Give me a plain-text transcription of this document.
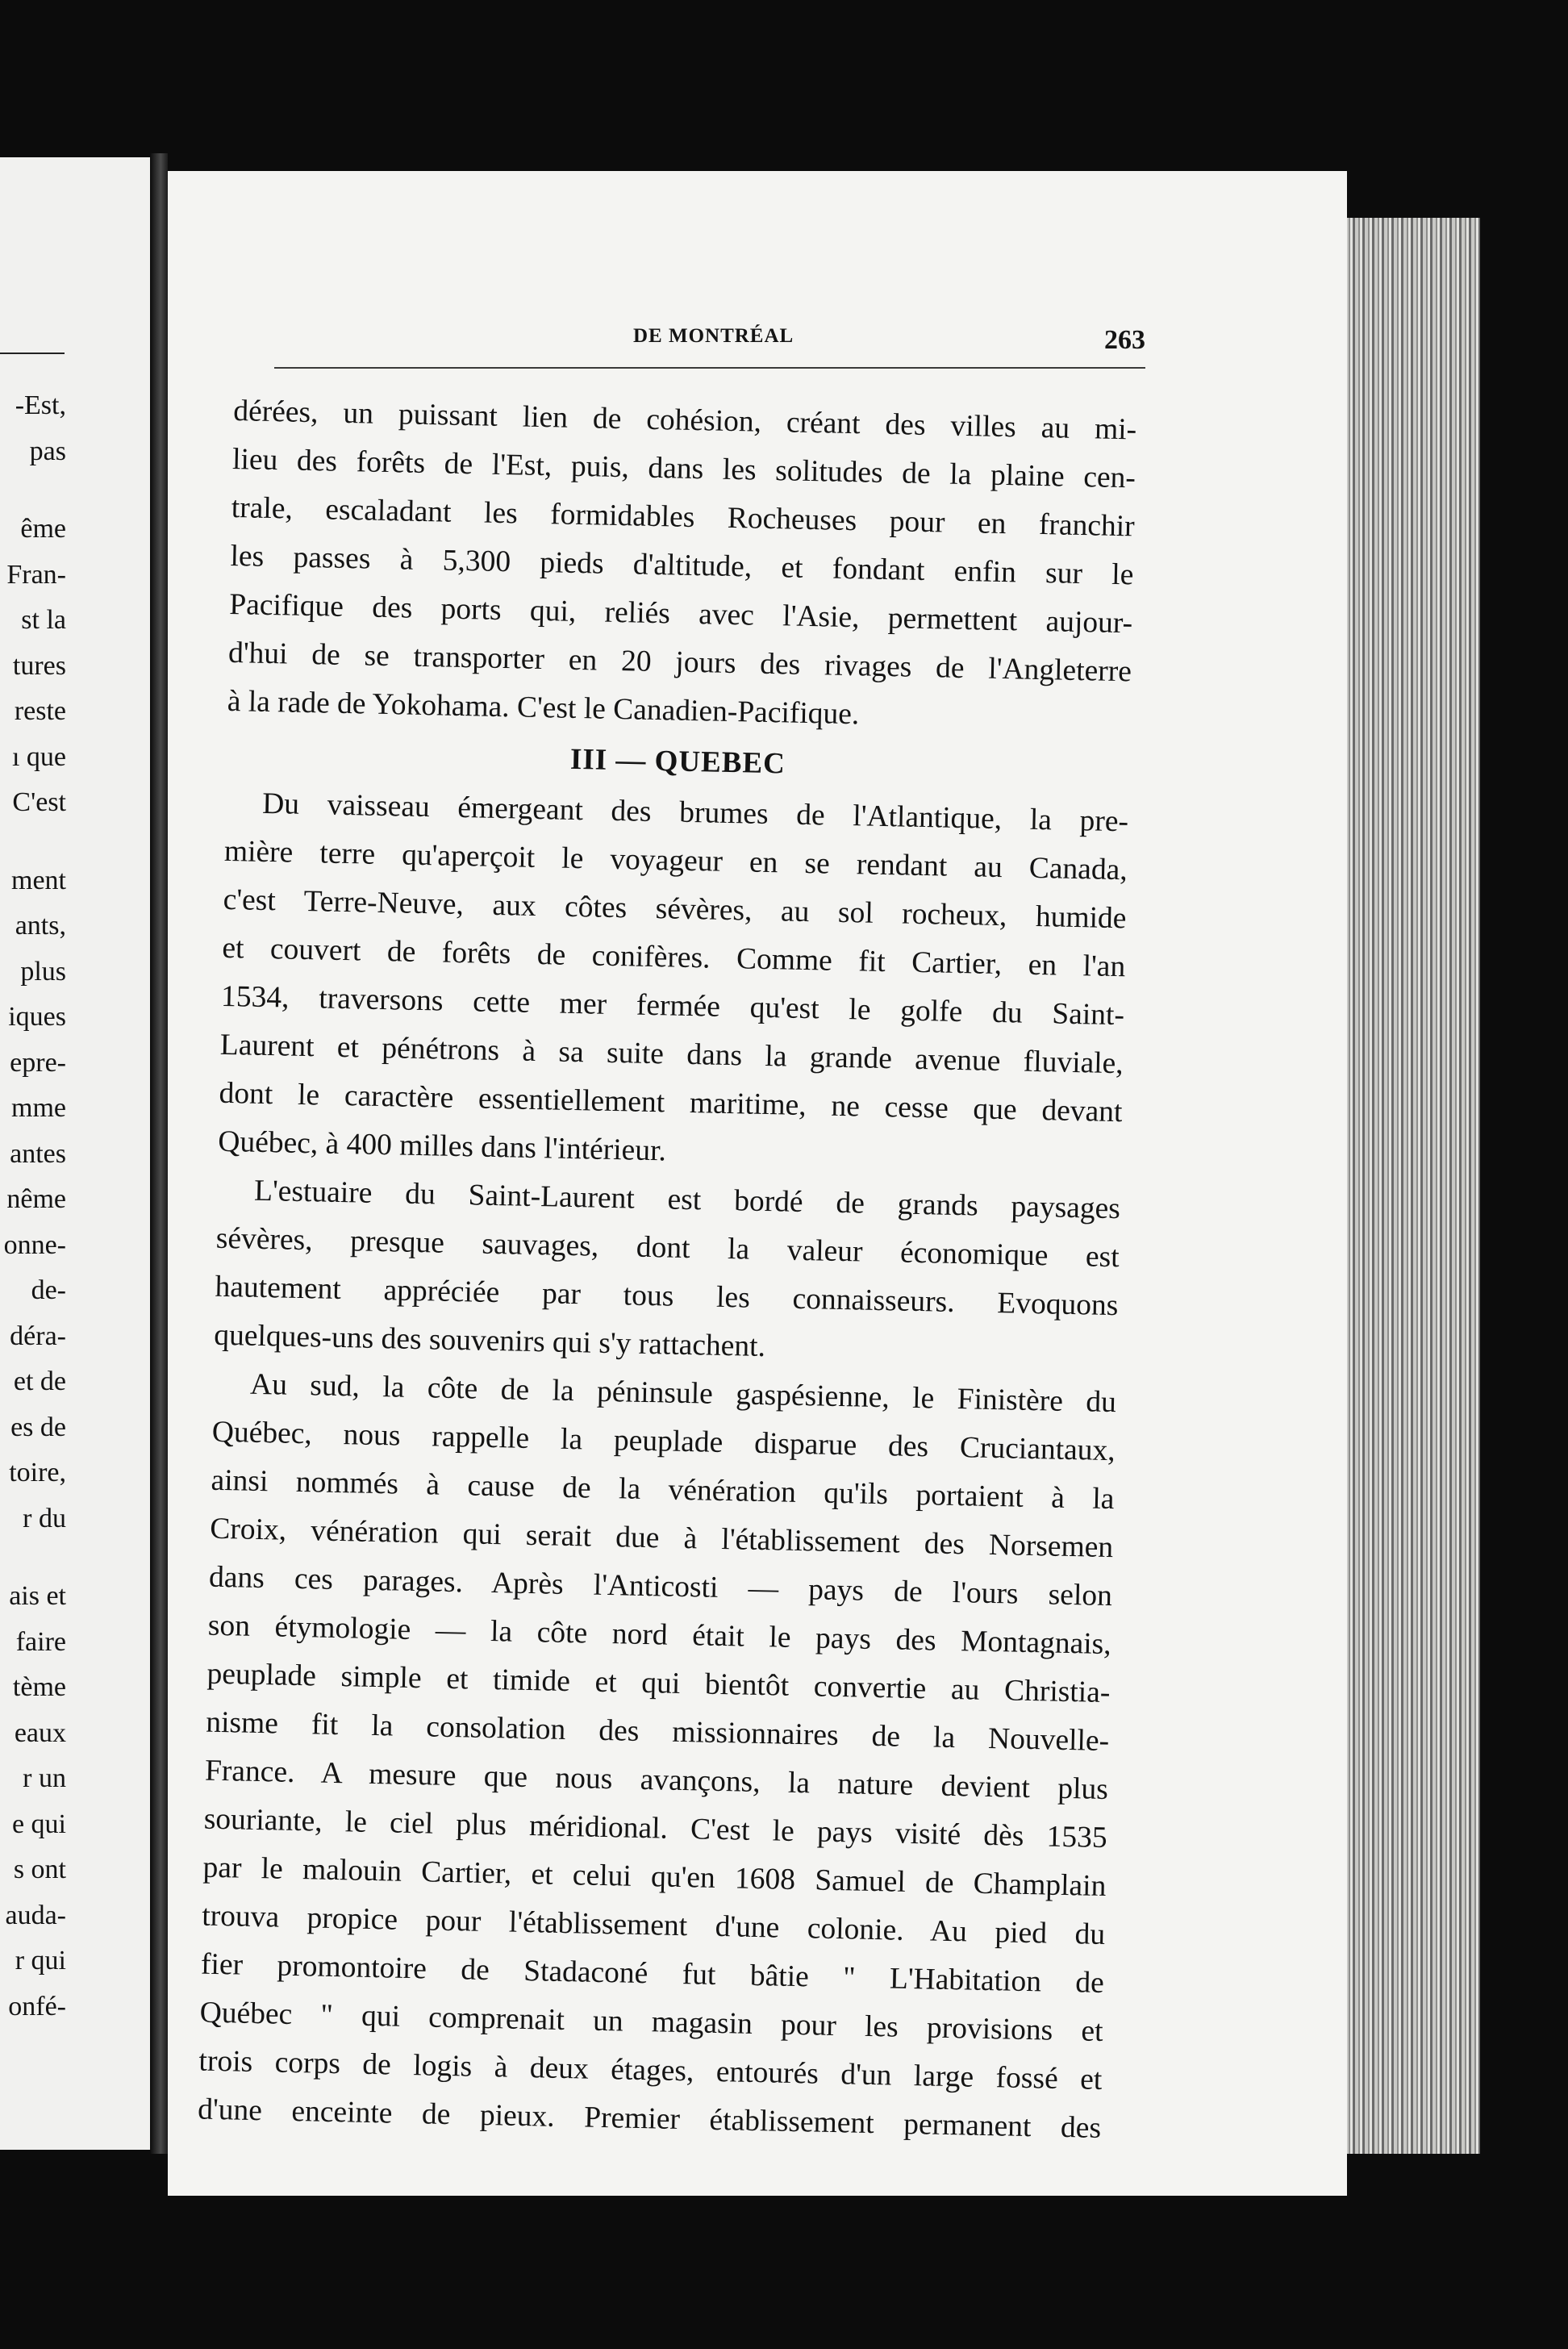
-Est,
pas
ême
Fran-
st la
tures
reste
ı que
C'est
ment
ants,
plus
iques
epre-
mme
antes
nême
onne-
de-
déra-
et de
es de
toire,
r du
ais et
faire
tème
eaux
r un
e qui
s ont
auda-
r qui
onfé-
DE MONTRÉAL	263
dérées, un puissant lien de cohésion, créant des villes au mi-
lieu des forêts de l'Est, puis, dans les solitudes de la plaine cen-
trale, escaladant les formidables Rocheuses pour en franchir
les passes à 5,300 pieds d'altitude, et fondant enfin sur le
Pacifique des ports qui, reliés avec l'Asie, permettent aujour-
d'hui de se transporter en 20 jours des rivages de l'Angleterre
à la rade de Yokohama. C'est le Canadien-Pacifique.
III — QUEBEC
Du vaisseau émergeant des brumes de l'Atlantique, la pre-
mière terre qu'aperçoit le voyageur en se rendant au Canada,
c'est Terre-Neuve, aux côtes sévères, au sol rocheux, humide
et couvert de forêts de conifères. Comme fit Cartier, en l'an
1534, traversons cette mer fermée qu'est le golfe du Saint-
Laurent et pénétrons à sa suite dans la grande avenue fluviale,
dont le caractère essentiellement maritime, ne cesse que devant
Québec, à 400 milles dans l'intérieur.
L'estuaire du Saint-Laurent est bordé de grands paysages
sévères, presque sauvages, dont la valeur économique est
hautement appréciée par tous les connaisseurs. Evoquons
quelques-uns des souvenirs qui s'y rattachent.
Au sud, la côte de la péninsule gaspésienne, le Finistère du
Québec, nous rappelle la peuplade disparue des Cruciantaux,
ainsi nommés à cause de la vénération qu'ils portaient à la
Croix, vénération qui serait due à l'établissement des Norsemen
dans ces parages. Après l'Anticosti — pays de l'ours selon
son étymologie — la côte nord était le pays des Montagnais,
peuplade simple et timide et qui bientôt convertie au Christia-
nisme fit la consolation des missionnaires de la Nouvelle-
France. A mesure que nous avançons, la nature devient plus
souriante, le ciel plus méridional. C'est le pays visité dès 1535
par le malouin Cartier, et celui qu'en 1608 Samuel de Champlain
trouva propice pour l'établissement d'une colonie. Au pied du
fier promontoire de Stadaconé fut bâtie " L'Habitation de
Québec " qui comprenait un magasin pour les provisions et
trois corps de logis à deux étages, entourés d'un large fossé et
d'une enceinte de pieux. Premier établissement permanent des
